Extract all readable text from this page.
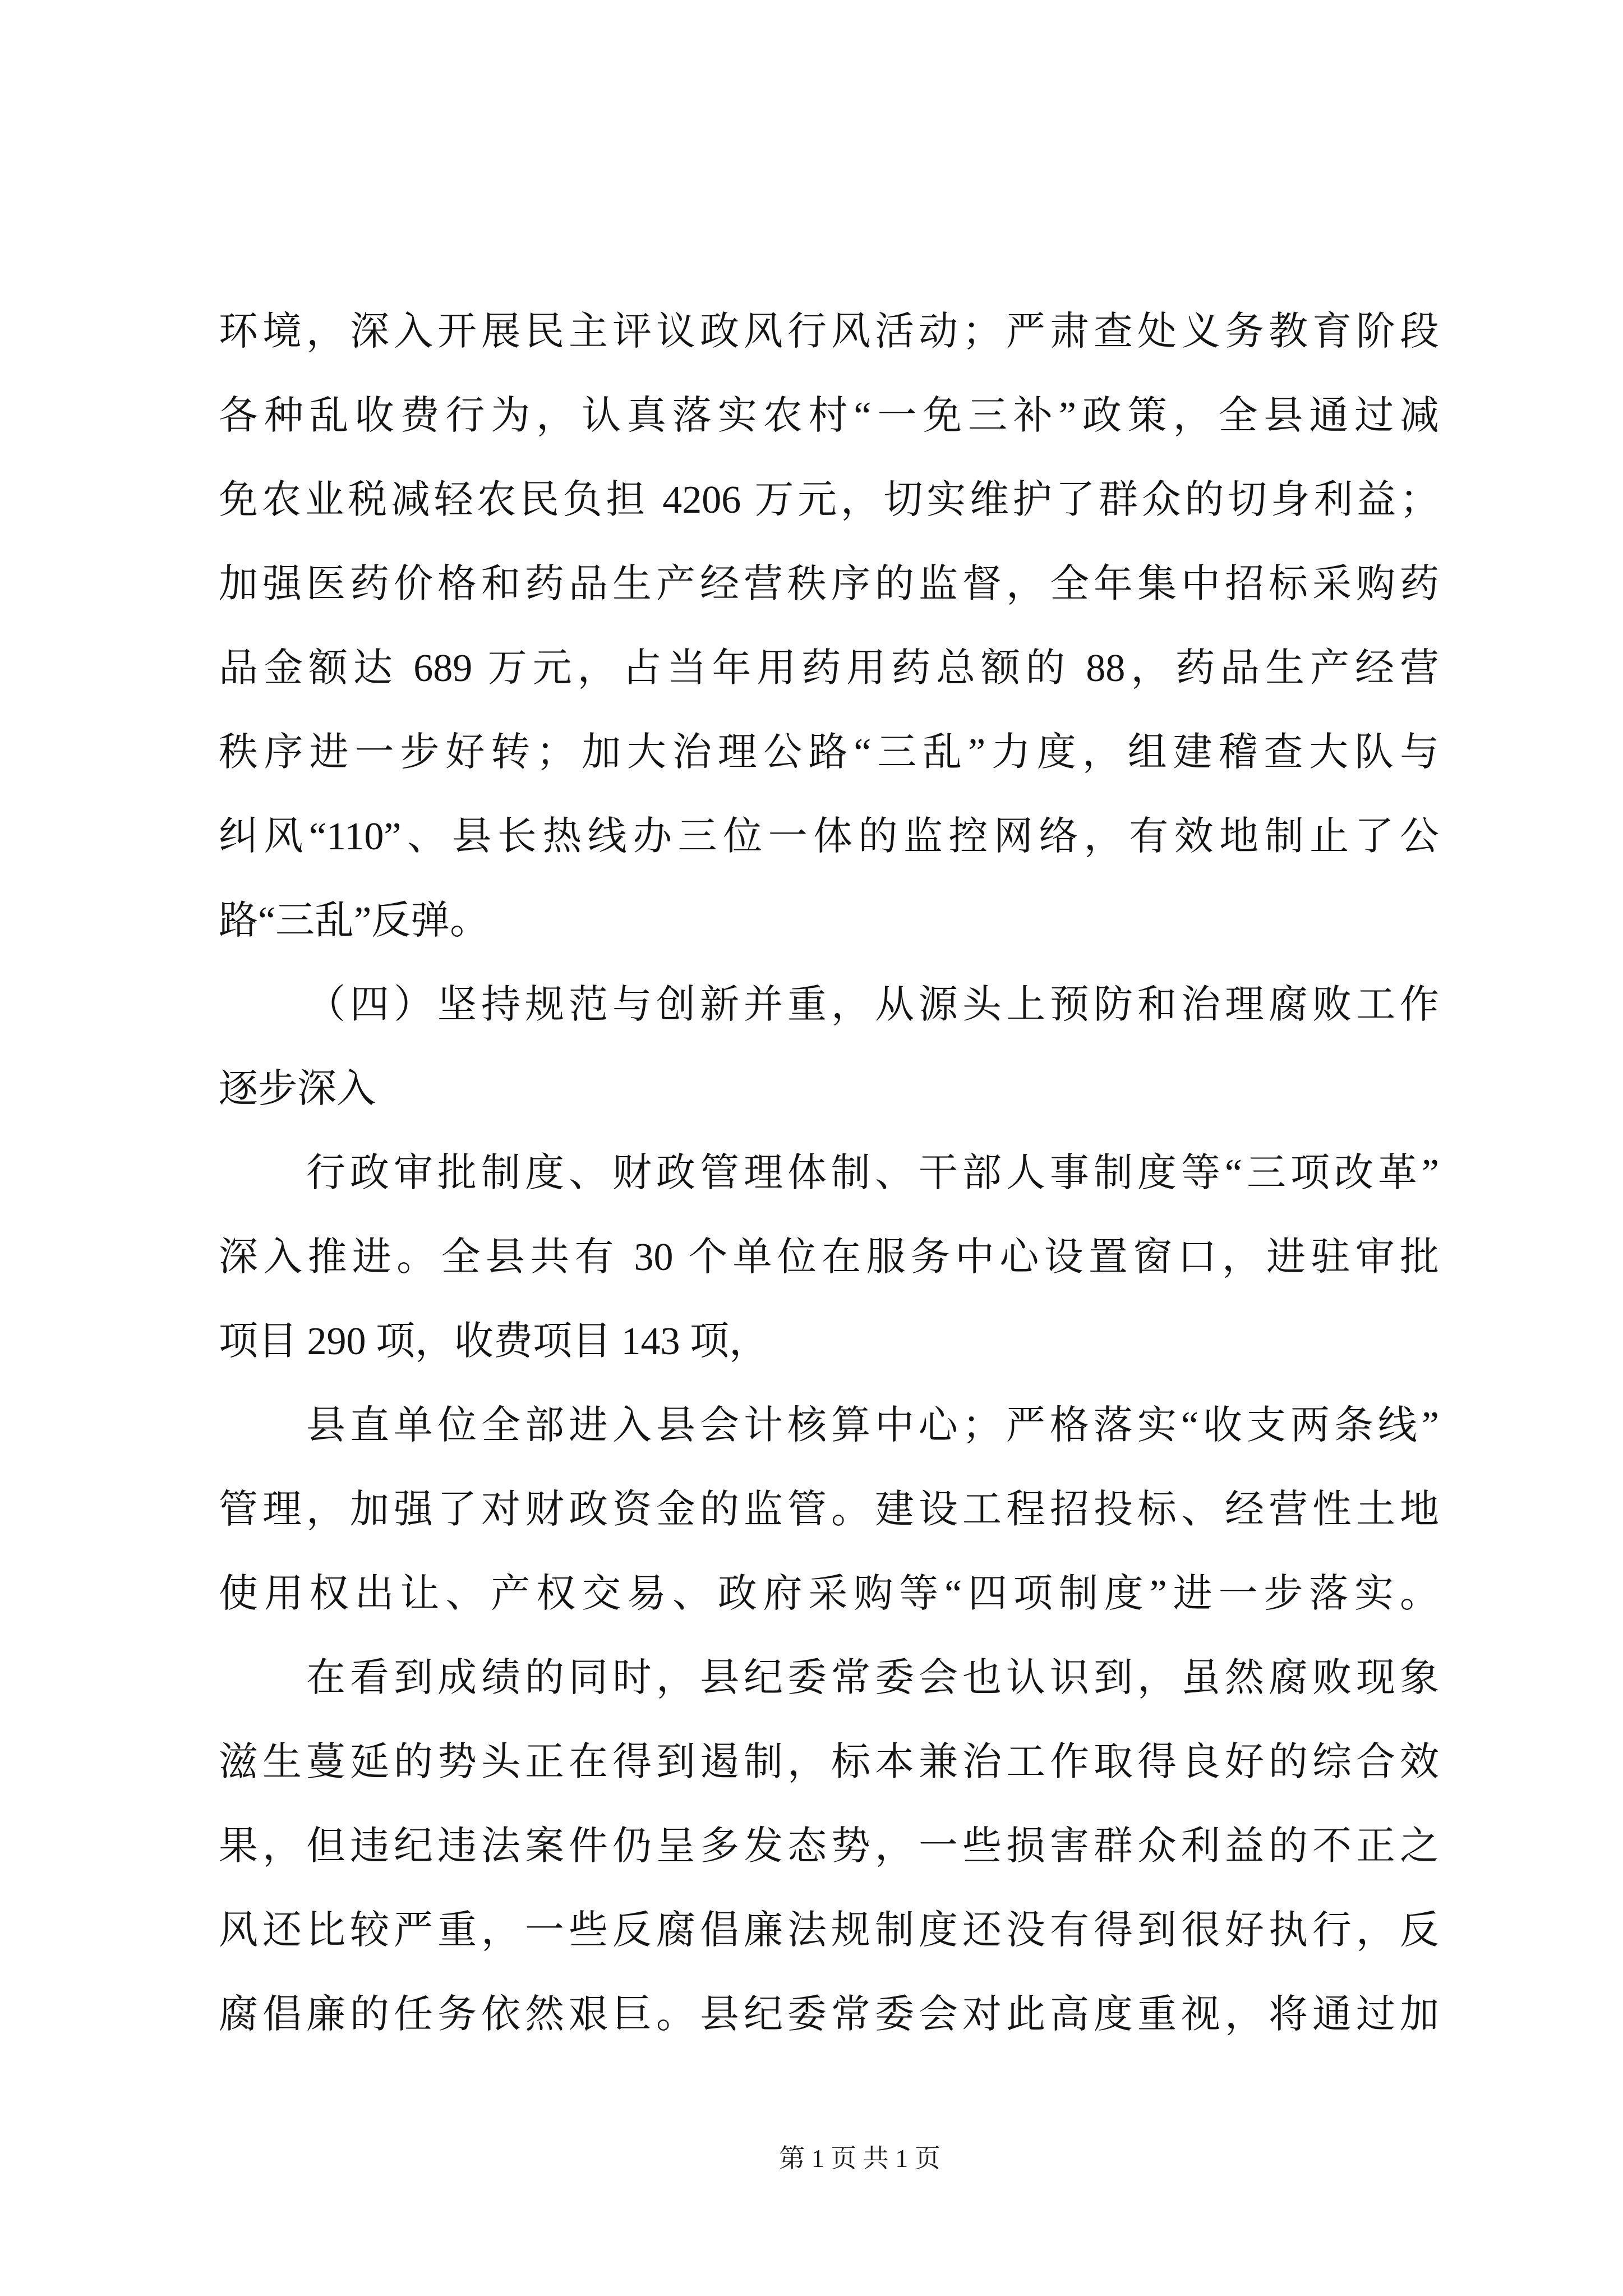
环境，深入开展民主评议政风行风活动；严肃查处义务教育阶段
各种乱收费行为，认真落实农村“一免三补”政策，全县通过减
免农业税减轻农民负担 4206 万元，切实维护了群众的切身利益；
加强医药价格和药品生产经营秩序的监督，全年集中招标采购药
品金额达 689 万元，占当年用药用药总额的 88，药品生产经营
秩序进一步好转；加大治理公路“三乱”力度，组建稽查大队与
纠风“110”、县长热线办三位一体的监控网络，有效地制止了公
路“三乱”反弹。
（四）坚持规范与创新并重，从源头上预防和治理腐败工作
逐步深入
行政审批制度、财政管理体制、干部人事制度等“三项改革”
深入推进。全县共有 30 个单位在服务中心设置窗口，进驻审批
项目 290 项，收费项目 143 项，
县直单位全部进入县会计核算中心；严格落实“收支两条线”
管理，加强了对财政资金的监管。建设工程招投标、经营性土地
使用权出让、产权交易、政府采购等“四项制度”进一步落实。
在看到成绩的同时，县纪委常委会也认识到，虽然腐败现象
滋生蔓延的势头正在得到遏制，标本兼治工作取得良好的综合效
果，但违纪违法案件仍呈多发态势，一些损害群众利益的不正之
风还比较严重，一些反腐倡廉法规制度还没有得到很好执行，反
腐倡廉的任务依然艰巨。县纪委常委会对此高度重视，将通过加
第 1 页 共 1 页
